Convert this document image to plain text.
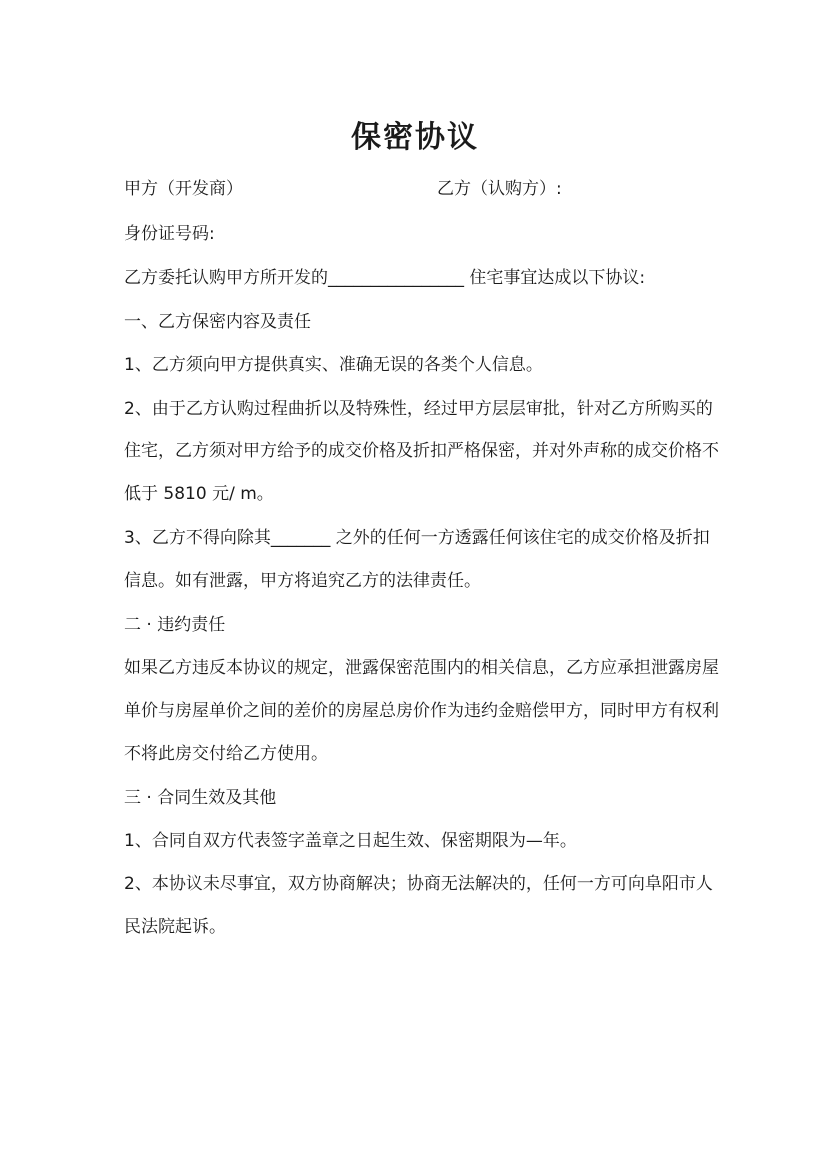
保密协议
甲方（开发商）	乙方（认购方）:
身份证号码:
乙方委托认购甲方所开发的________________ 住宅事宜达成以下协议:
一、乙方保密内容及责任
1、乙方须向甲方提供真实、准确无误的各类个人信息。
2、由于乙方认购过程曲折以及特殊性，经过甲方层层审批，针对乙方所购买的
住宅，乙方须对甲方给予的成交价格及折扣严格保密，并对外声称的成交价格不
低于 5810 元/ m。
3、乙方不得向除其_______ 之外的任何一方透露任何该住宅的成交价格及折扣
信息。如有泄露，甲方将追究乙方的法律责任。
二 · 违约责任
如果乙方违反本协议的规定，泄露保密范围内的相关信息，乙方应承担泄露房屋
单价与房屋单价之间的差价的房屋总房价作为违约金赔偿甲方，同时甲方有权利
不将此房交付给乙方使用。
三 · 合同生效及其他
1、合同自双方代表签字盖章之日起生效、保密期限为—年。
2、本协议未尽事宜，双方协商解决；协商无法解决的，任何一方可向阜阳市人
民法院起诉。
